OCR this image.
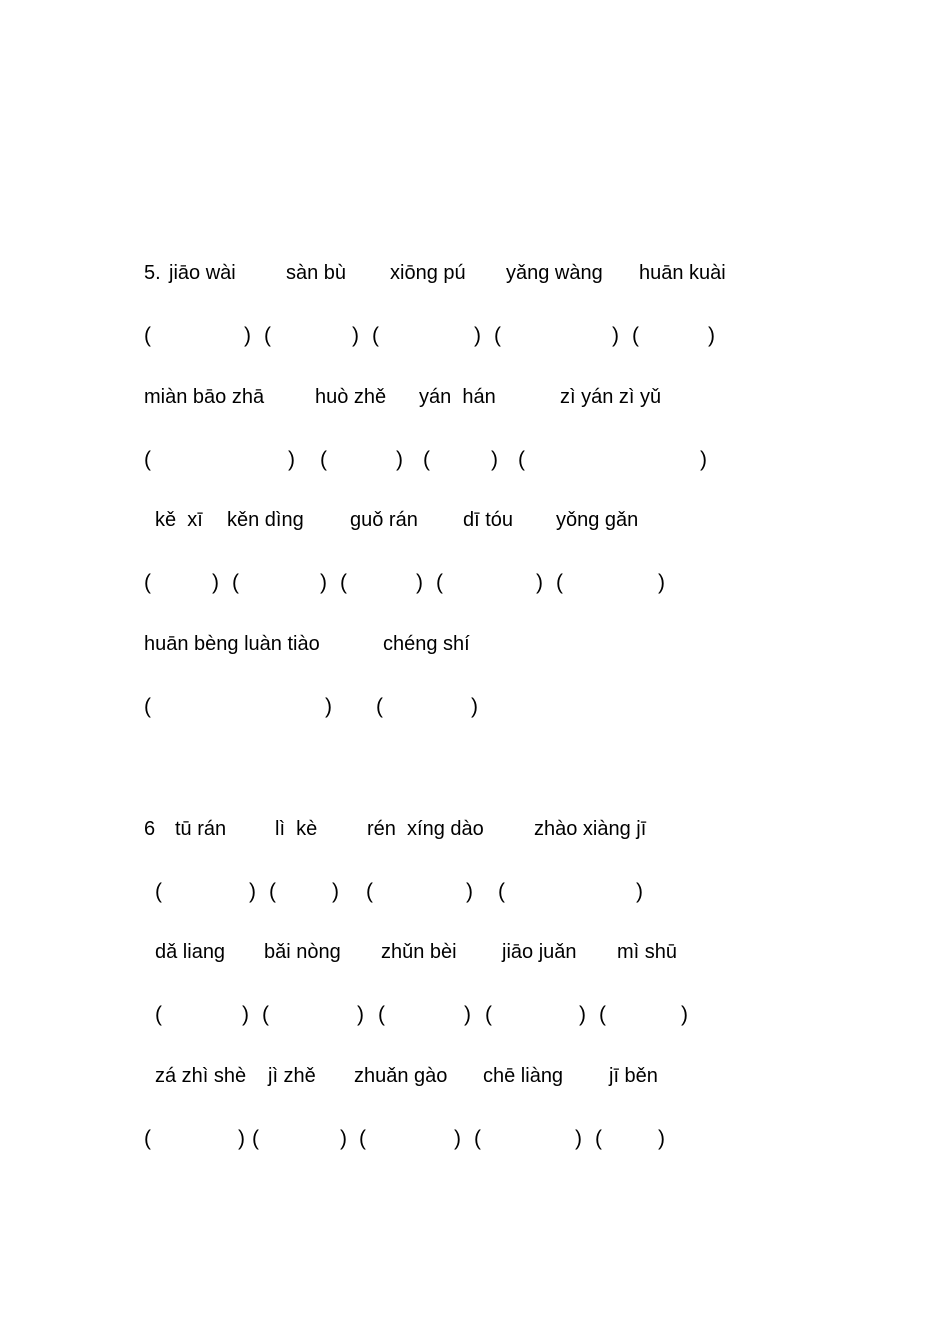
5. jiāo wài	sàn bù xiōng pú yǎng wàng huān kuài
(	) (	) (	) (	) (	)
miàn bāo zhā	huò zhě yán  hán	zì yán zì yǔ
(	) (	) (	) (	)
kě  xī kěn dìng guǒ rán dī tóu yǒng gǎn
(	) (	) (	) (	) (	)
huān bèng luàn tiào	chéng shí
(	) (	)
6 tū rán lì  kè rén  xíng dào	zhào xiàng jī
(	) (	) (	) (	)
dǎ liang bǎi nòng zhǔn bèi jiāo juǎn mì shū
(	) (	) (	) (	) (	)
zá zhì shè jì zhě zhuǎn gào chē liàng jī běn
(	) (	) (	) (	) (	)
